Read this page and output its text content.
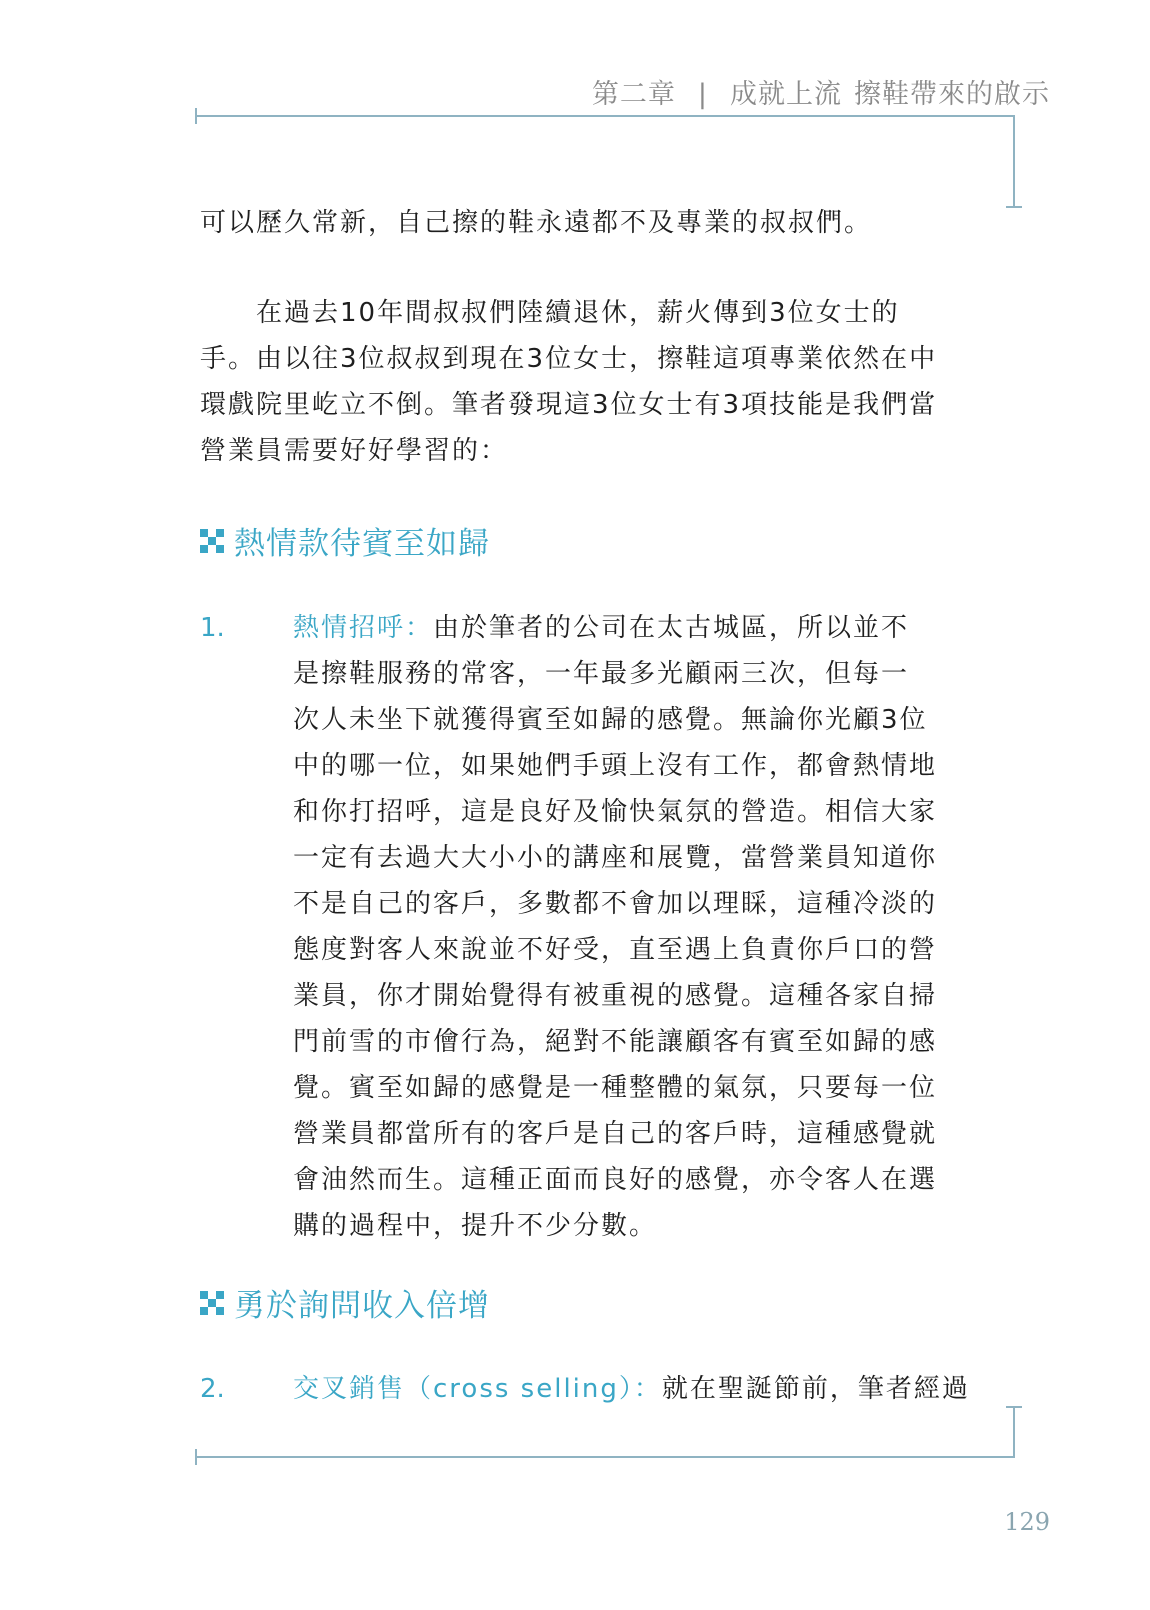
第二章 | 成就上流 擦鞋帶來的啟示

可以歷久常新，自己擦的鞋永遠都不及專業的叔叔們。

　　在過去10年間叔叔們陸續退休，薪火傳到3位女士的

手。由以往3位叔叔到現在3位女士，擦鞋這項專業依然在中

環戲院里屹立不倒。筆者發現這3位女士有3項技能是我們當

營業員需要好好學習的：

熱情款待賓至如歸
1.	熱情招呼：由於筆者的公司在太古城區，所以並不
是擦鞋服務的常客，一年最多光顧兩三次，但每一
次人未坐下就獲得賓至如歸的感覺。無論你光顧3位
中的哪一位，如果她們手頭上沒有工作，都會熱情地
和你打招呼，這是良好及愉快氣氛的營造。相信大家
一定有去過大大小小的講座和展覽，當營業員知道你
不是自己的客戶，多數都不會加以理睬，這種冷淡的
態度對客人來說並不好受，直至遇上負責你戶口的營
業員，你才開始覺得有被重視的感覺。這種各家自掃
門前雪的市儈行為，絕對不能讓顧客有賓至如歸的感
覺。賓至如歸的感覺是一種整體的氣氛，只要每一位
營業員都當所有的客戶是自己的客戶時，這種感覺就
會油然而生。這種正面而良好的感覺，亦令客人在選
購的過程中，提升不少分數。
勇於詢問收入倍增
2.	交叉銷售（cross selling）：就在聖誕節前，筆者經過
129
